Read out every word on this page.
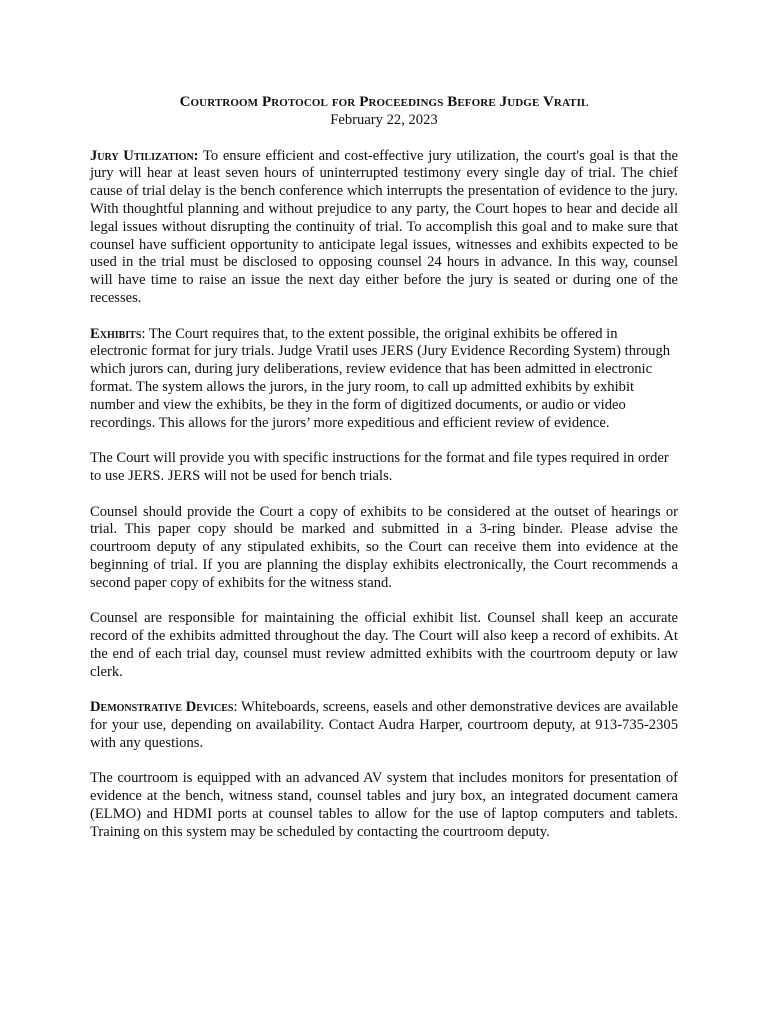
Courtroom Protocol for Proceedings Before Judge Vratil
February 22, 2023

Jury Utilization: To ensure efficient and cost-effective jury utilization, the court's goal is that the jury will hear at least seven hours of uninterrupted testimony every single day of trial. The chief cause of trial delay is the bench conference which interrupts the presentation of evidence to the jury. With thoughtful planning and without prejudice to any party, the Court hopes to hear and decide all legal issues without disrupting the continuity of trial. To accomplish this goal and to make sure that counsel have sufficient opportunity to anticipate legal issues, witnesses and exhibits expected to be used in the trial must be disclosed to opposing counsel 24 hours in advance. In this way, counsel will have time to raise an issue the next day either before the jury is seated or during one of the recesses.

Exhibits: The Court requires that, to the extent possible, the original exhibits be offered in electronic format for jury trials. Judge Vratil uses JERS (Jury Evidence Recording System) through which jurors can, during jury deliberations, review evidence that has been admitted in electronic format. The system allows the jurors, in the jury room, to call up admitted exhibits by exhibit number and view the exhibits, be they in the form of digitized documents, or audio or video recordings. This allows for the jurors’ more expeditious and efficient review of evidence.

The Court will provide you with specific instructions for the format and file types required in order to use JERS. JERS will not be used for bench trials.

Counsel should provide the Court a copy of exhibits to be considered at the outset of hearings or trial. This paper copy should be marked and submitted in a 3-ring binder. Please advise the courtroom deputy of any stipulated exhibits, so the Court can receive them into evidence at the beginning of trial. If you are planning the display exhibits electronically, the Court recommends a second paper copy of exhibits for the witness stand.

Counsel are responsible for maintaining the official exhibit list. Counsel shall keep an accurate record of the exhibits admitted throughout the day. The Court will also keep a record of exhibits. At the end of each trial day, counsel must review admitted exhibits with the courtroom deputy or law clerk.

Demonstrative Devices: Whiteboards, screens, easels and other demonstrative devices are available for your use, depending on availability. Contact Audra Harper, courtroom deputy, at 913-735-2305 with any questions.

The courtroom is equipped with an advanced AV system that includes monitors for presentation of evidence at the bench, witness stand, counsel tables and jury box, an integrated document camera (ELMO) and HDMI ports at counsel tables to allow for the use of laptop computers and tablets. Training on this system may be scheduled by contacting the courtroom deputy.
